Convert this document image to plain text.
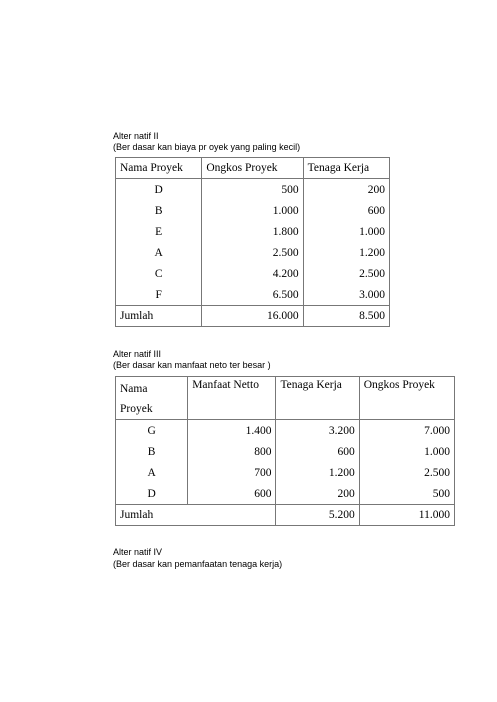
Alter natif II
(Ber dasar kan biaya pr oyek yang paling kecil)
Nama Proyek	Ongkos Proyek	Tenaga Kerja
D	500	200
B	1.000	600
E	1.800	1.000
A	2.500	1.200
C	4.200	2.500
F	6.500	3.000
Jumlah	16.000	8.500
Alter natif III
(Ber dasar kan manfaat neto ter besar )
Nama
Proyek	Manfaat Netto	Tenaga Kerja	Ongkos Proyek
G	1.400	3.200	7.000
B	800	600	1.000
A	700	1.200	2.500
D	600	200	500
Jumlah		5.200	11.000
Alter natif IV
(Ber dasar kan pemanfaatan tenaga kerja)
